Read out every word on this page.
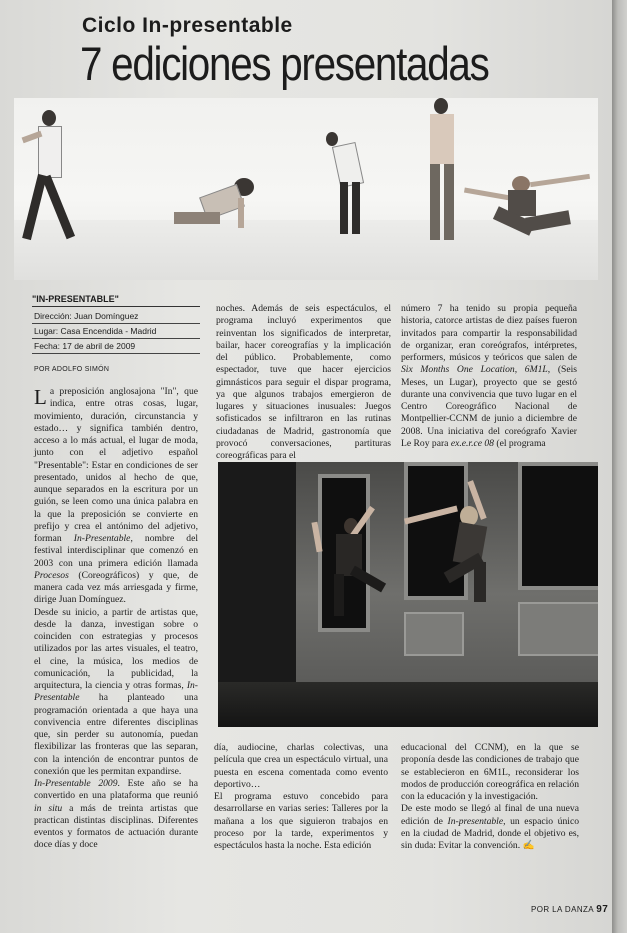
Ciclo In-presentable
7 ediciones presentadas
"IN-PRESENTABLE"
Dirección: Juan Domínguez
Lugar: Casa Encendida - Madrid
Fecha: 17 de abril de 2009
POR ADOLFO SIMÓN

La preposición anglosajona "In", que indica, entre otras cosas, lugar, movimiento, duración, circunstancia y estado… y significa también dentro, acceso a lo más actual, el lugar de moda, junto con el adjetivo español "Presentable": Estar en condiciones de ser presentado, unidos al hecho de que, aunque separados en la escritura por un guión, se leen como una única palabra en la que la preposición se convierte en prefijo y crea el antónimo del adjetivo, forman In-Presentable, nombre del festival interdisciplinar que comenzó en 2003 con una primera edición llamada Procesos (Coreográficos) y que, de manera cada vez más arriesgada y firme, dirige Juan Domínguez.

Desde su inicio, a partir de artistas que, desde la danza, investigan sobre o coinciden con estrategias y procesos utilizados por las artes visuales, el teatro, el cine, la música, los medios de comunicación, la publicidad, la arquitectura, la ciencia y otras formas, In-Presentable ha planteado una programación orientada a que haya una convivencia entre diferentes disciplinas que, sin perder su autonomía, puedan flexibilizar las fronteras que las separan, con la intención de encontrar puntos de conexión que les permitan expandirse.

In-Presentable 2009. Este año se ha convertido en una plataforma que reunió in situ a más de treinta artistas que practican distintas disciplinas. Diferentes eventos y formatos de actuación durante doce días y doce

noches. Además de seis espectáculos, el programa incluyó experimentos que reinventan los significados de interpretar, bailar, hacer coreografías y la implicación del público. Probablemente, como espectador, tuve que hacer ejercicios gimnásticos para seguir el dispar programa, ya que algunos trabajos emergieron de lugares y situaciones inusuales: Juegos sofisticados se infiltraron en las rutinas ciudadanas de Madrid, gastronomía que provocó conversaciones, partituras coreográficas para el

número 7 ha tenido su propia pequeña historia, catorce artistas de diez países fueron invitados para compartir la responsabilidad de organizar, eran coreógrafos, intérpretes, performers, músicos y teóricos que salen de Six Months One Location, 6M1L, (Seis Meses, un Lugar), proyecto que se gestó durante una convivencia que tuvo lugar en el Centro Coreográfico Nacional de Montpellier-CCNM de junio a diciembre de 2008. Una iniciativa del coreógrafo Xavier Le Roy para ex.e.r.ce 08 (el programa

día, audiocine, charlas colectivas, una película que crea un espectáculo virtual, una puesta en escena comentada como evento deportivo…

El programa estuvo concebido para desarrollarse en varias series: Talleres por la mañana a los que siguieron trabajos en proceso por la tarde, experimentos y espectáculos hasta la noche. Esta edición

educacional del CCNM), en la que se proponía desde las condiciones de trabajo que se establecieron en 6M1L, reconsiderar los modos de producción coreográfica en relación con la educación y la investigación.

De este modo se llegó al final de una nueva edición de In-presentable, un espacio único en la ciudad de Madrid, donde el objetivo es, sin duda: Evitar la convención. ✍

POR LA DANZA 97
